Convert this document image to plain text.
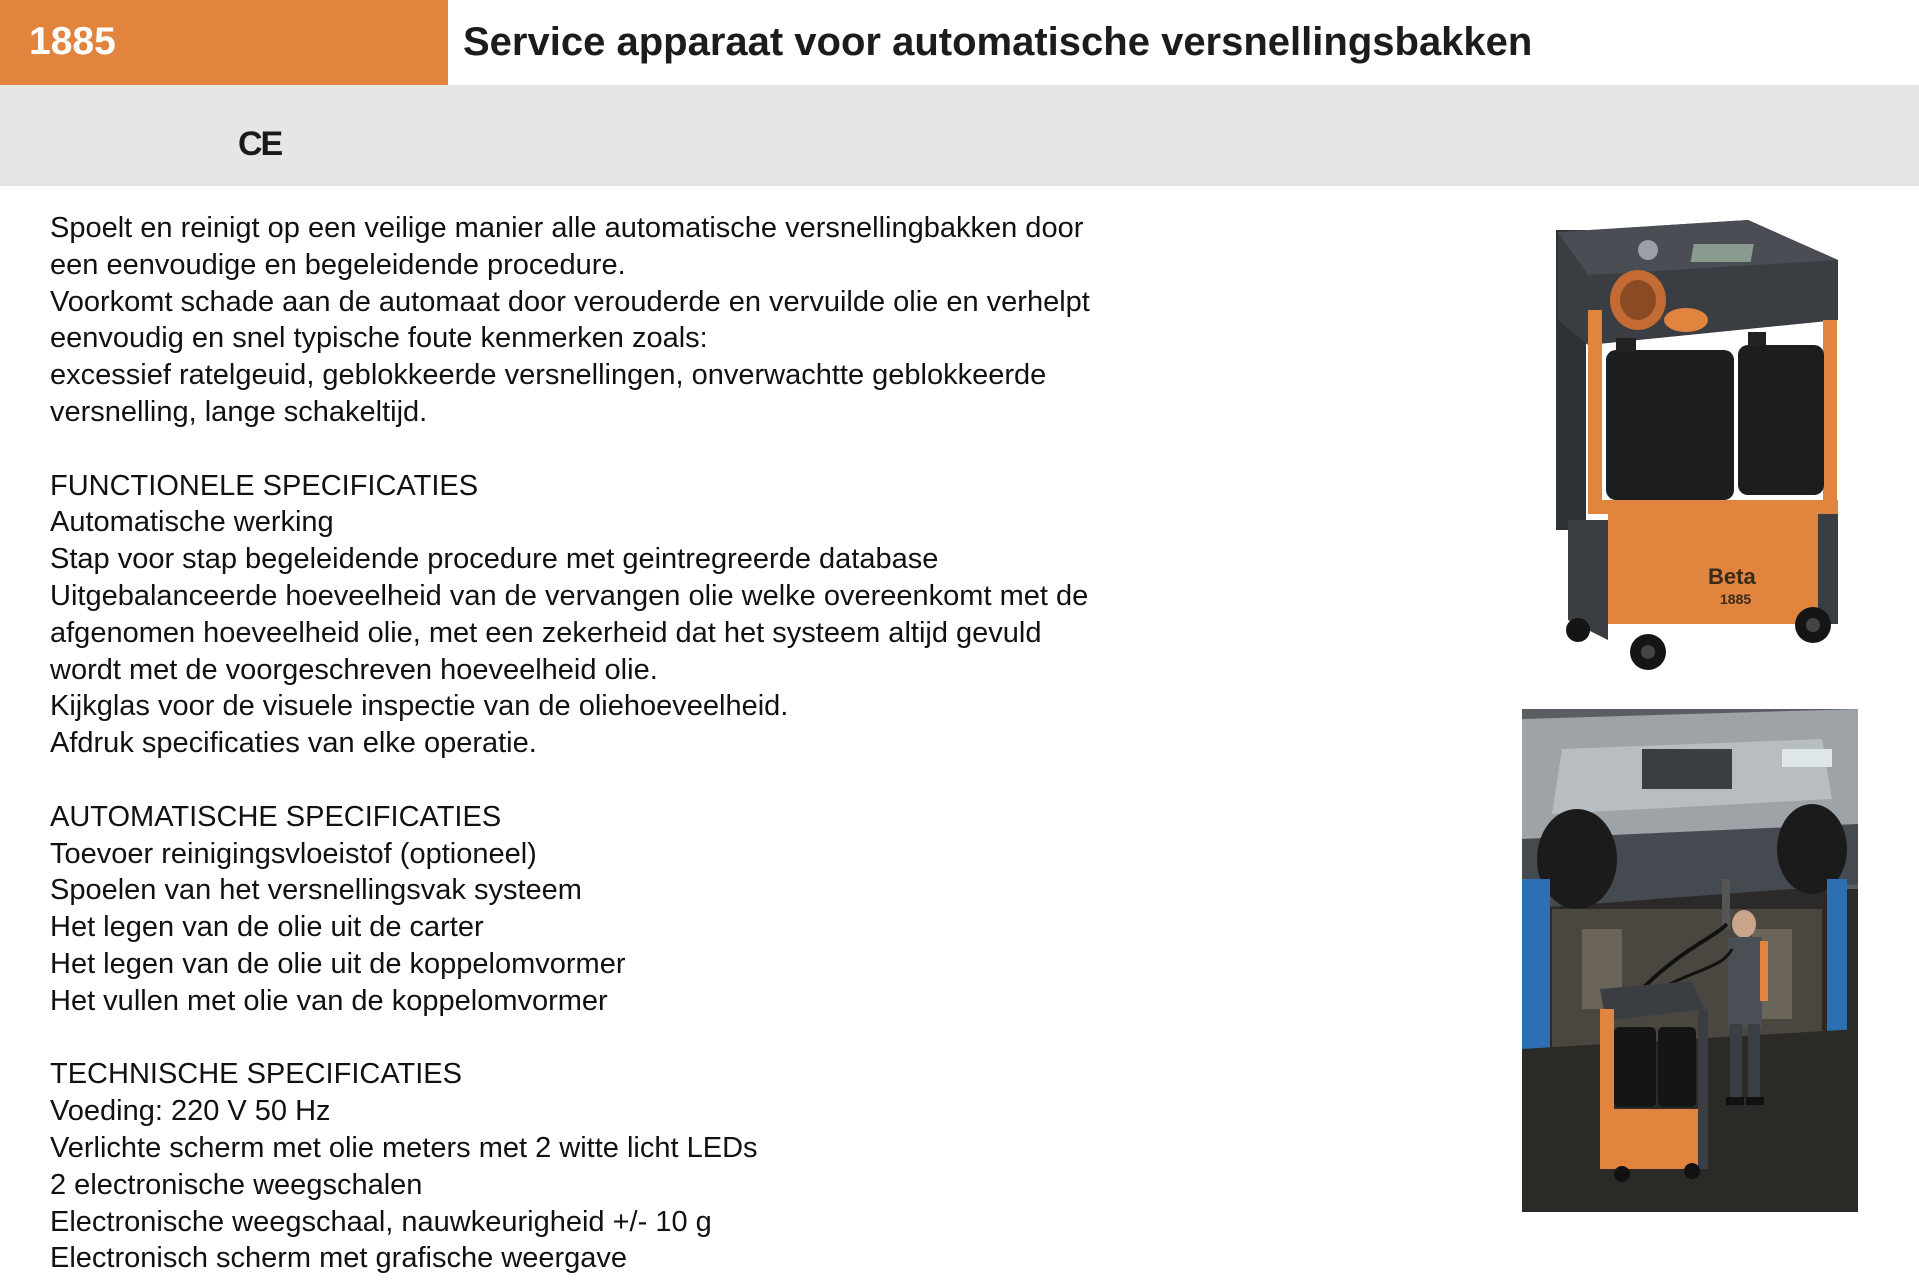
1885	Service apparaat voor automatische versnellingsbakken
CE

Spoelt en reinigt op een veilige manier alle automatische versnellingbakken door
een eenvoudige en begeleidende procedure.
Voorkomt schade aan de automaat door verouderde en vervuilde olie en verhelpt
eenvoudig en snel typische foute kenmerken zoals:
excessief ratelgeuid, geblokkeerde versnellingen, onverwachtte geblokkeerde
versnelling, lange schakeltijd.

FUNCTIONELE SPECIFICATIES
Automatische werking
Stap voor stap begeleidende procedure met geintregreerde database
Uitgebalanceerde hoeveelheid van de vervangen olie welke overeenkomt met de
afgenomen hoeveelheid olie, met een zekerheid dat het systeem altijd gevuld
wordt met de voorgeschreven hoeveelheid olie.
Kijkglas voor de visuele inspectie van de oliehoeveelheid.
Afdruk specificaties van elke operatie.

AUTOMATISCHE SPECIFICATIES
Toevoer reinigingsvloeistof (optioneel)
Spoelen van het versnellingsvak systeem
Het legen van de olie uit de carter
Het legen van de olie uit de koppelomvormer
Het vullen met olie van de koppelomvormer

TECHNISCHE SPECIFICATIES
Voeding: 220 V 50 Hz
Verlichte scherm met olie meters met 2 witte licht LEDs
2 electronische weegschalen
Electronische weegschaal, nauwkeurigheid +/- 10 g
Electronisch scherm met grafische weergave

Beta
1885
